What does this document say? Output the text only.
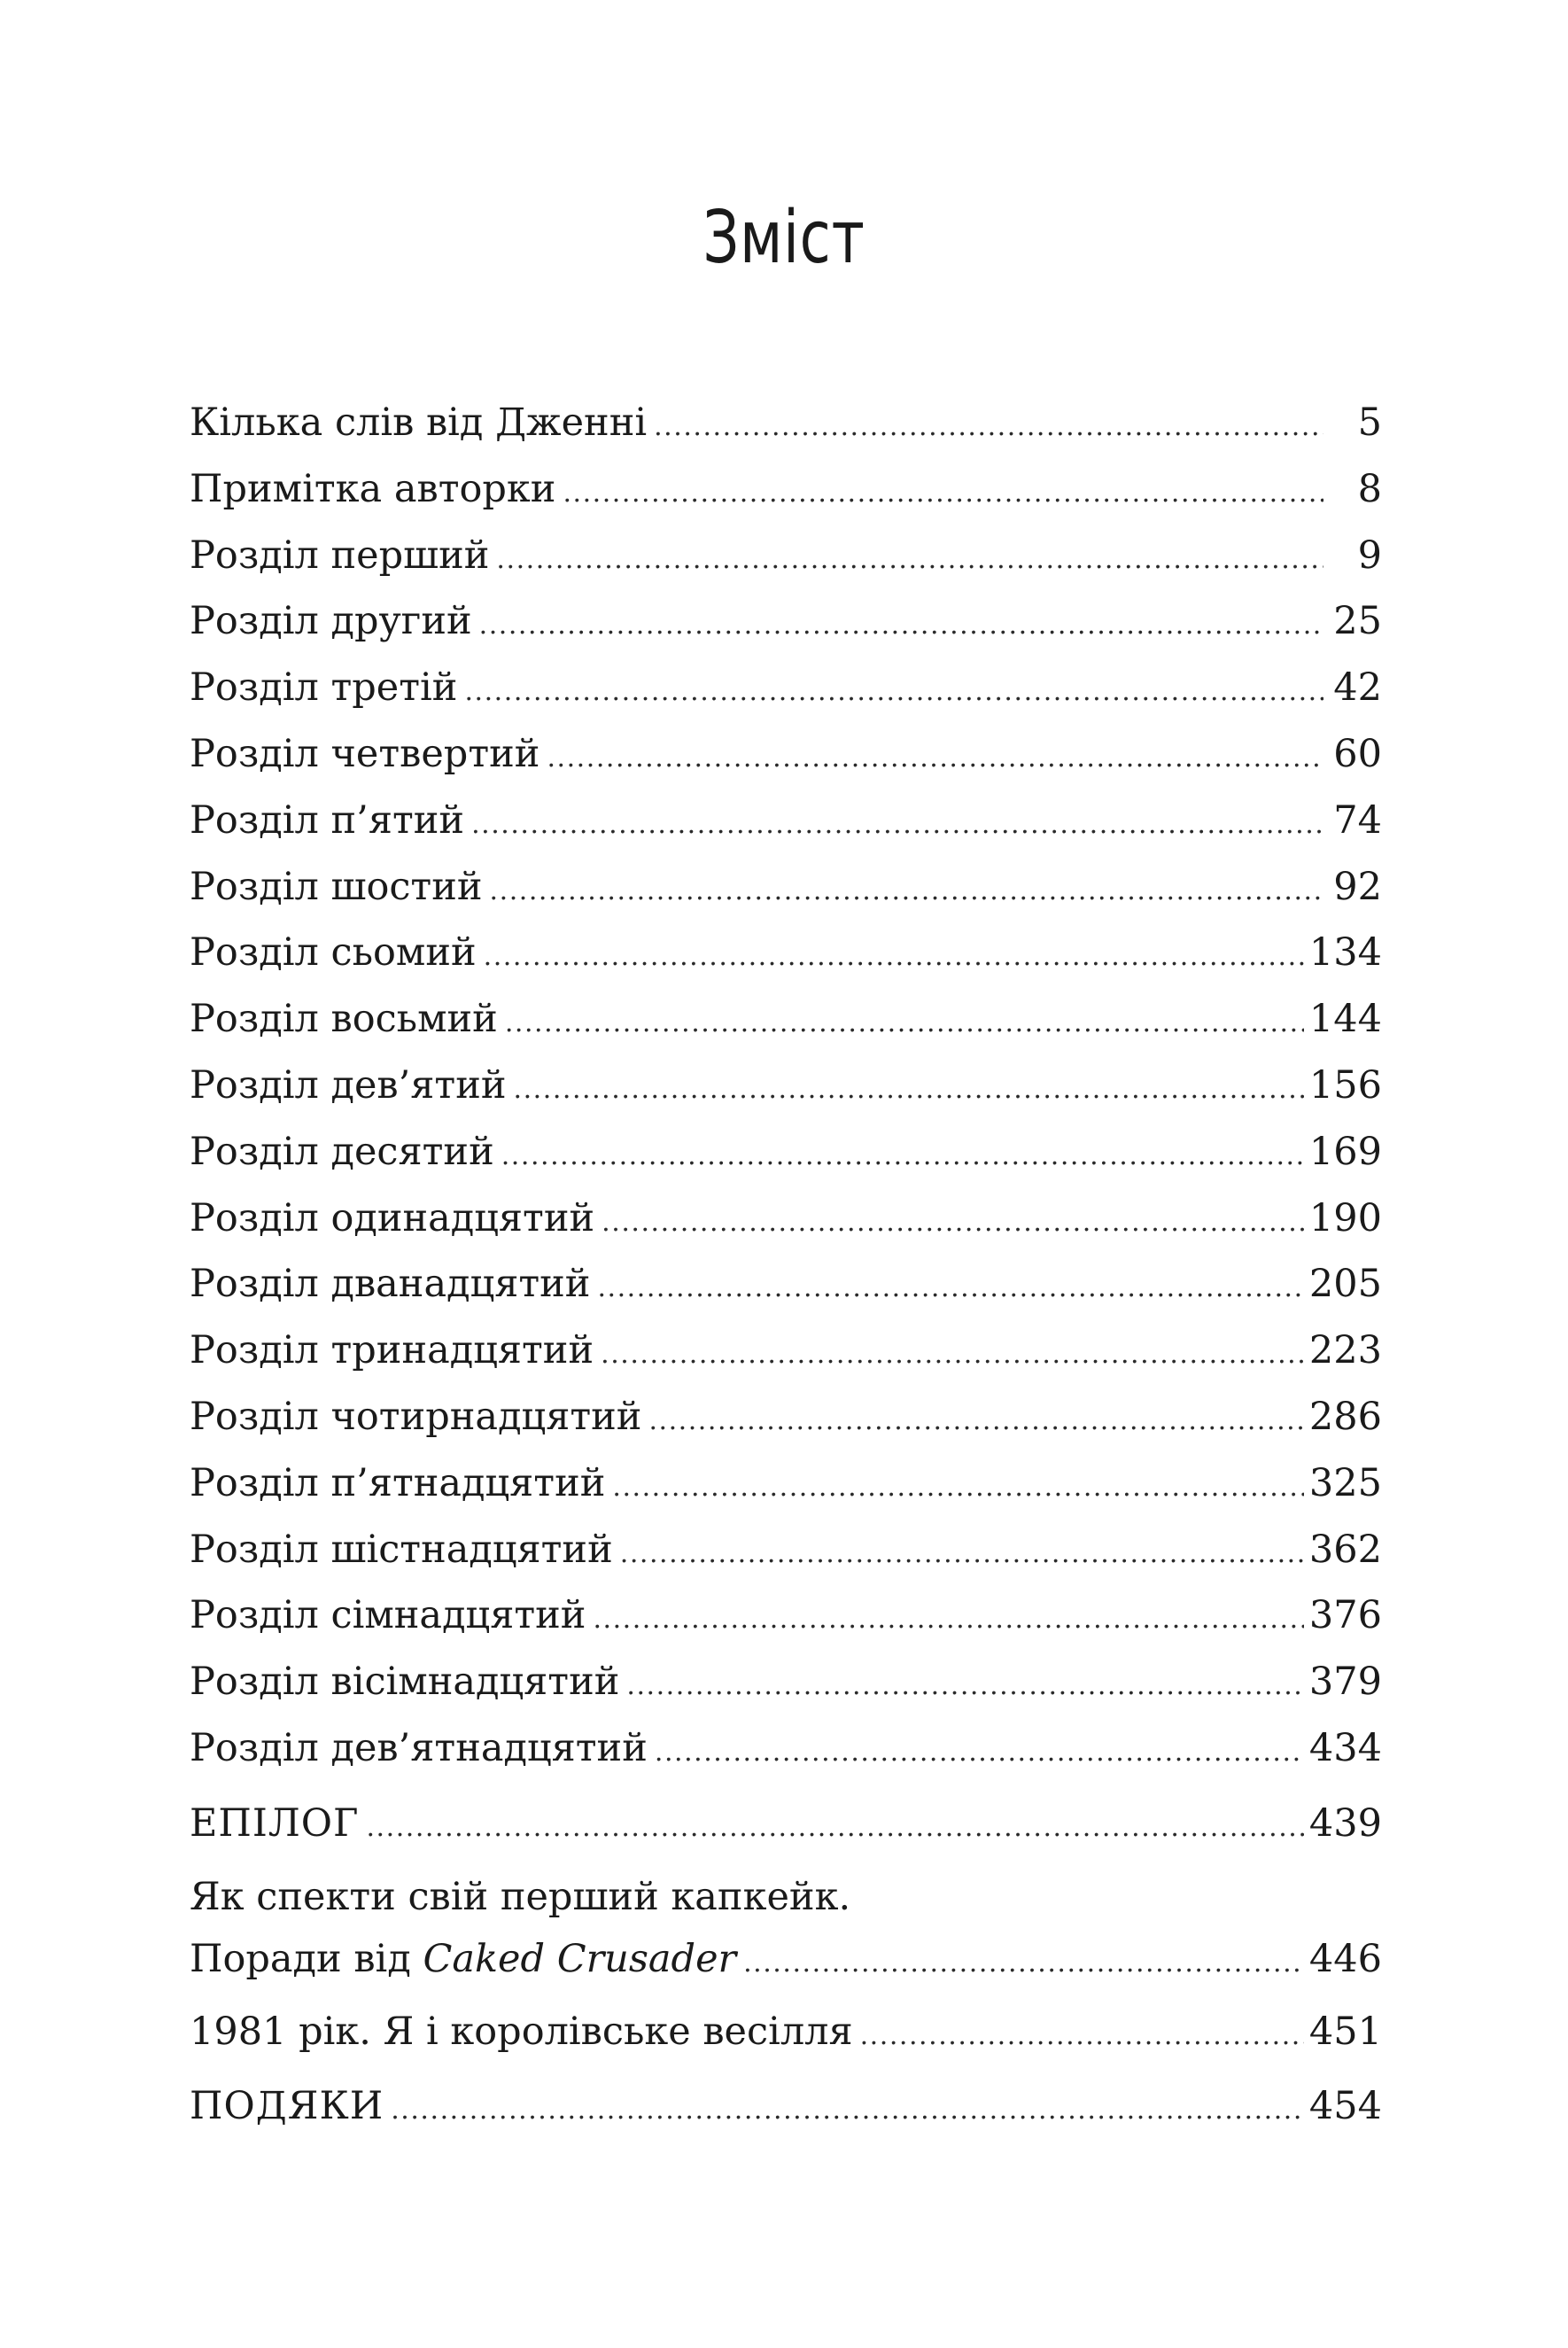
Зміст
Кілька слів від Дженні . . .	5
Примітка авторки . . .	8
Розділ перший . . .	9
Розділ другий . . .	25
Розділ третій . . .	42
Розділ четвертий . . .	60
Розділ п’ятий . . .	74
Розділ шостий . . .	92
Розділ сьомий . . .	134
Розділ восьмий . . .	144
Розділ дев’ятий . . .	156
Розділ десятий . . .	169
Розділ одинадцятий . . .	190
Розділ дванадцятий . . .	205
Розділ тринадцятий . . .	223
Розділ чотирнадцятий . . .	286
Розділ п’ятнадцятий . . .	325
Розділ шістнадцятий . . .	362
Розділ сімнадцятий . . .	376
Розділ вісімнадцятий . . .	379
Розділ дев’ятнадцятий . . .	434
ЕПІЛОГ . . .	439
Як спекти свій перший капкейк.
Поради від Caked Crusader . . .	446
1981 рік. Я і королівське весілля . . .	451
ПОДЯКИ . . .	454
